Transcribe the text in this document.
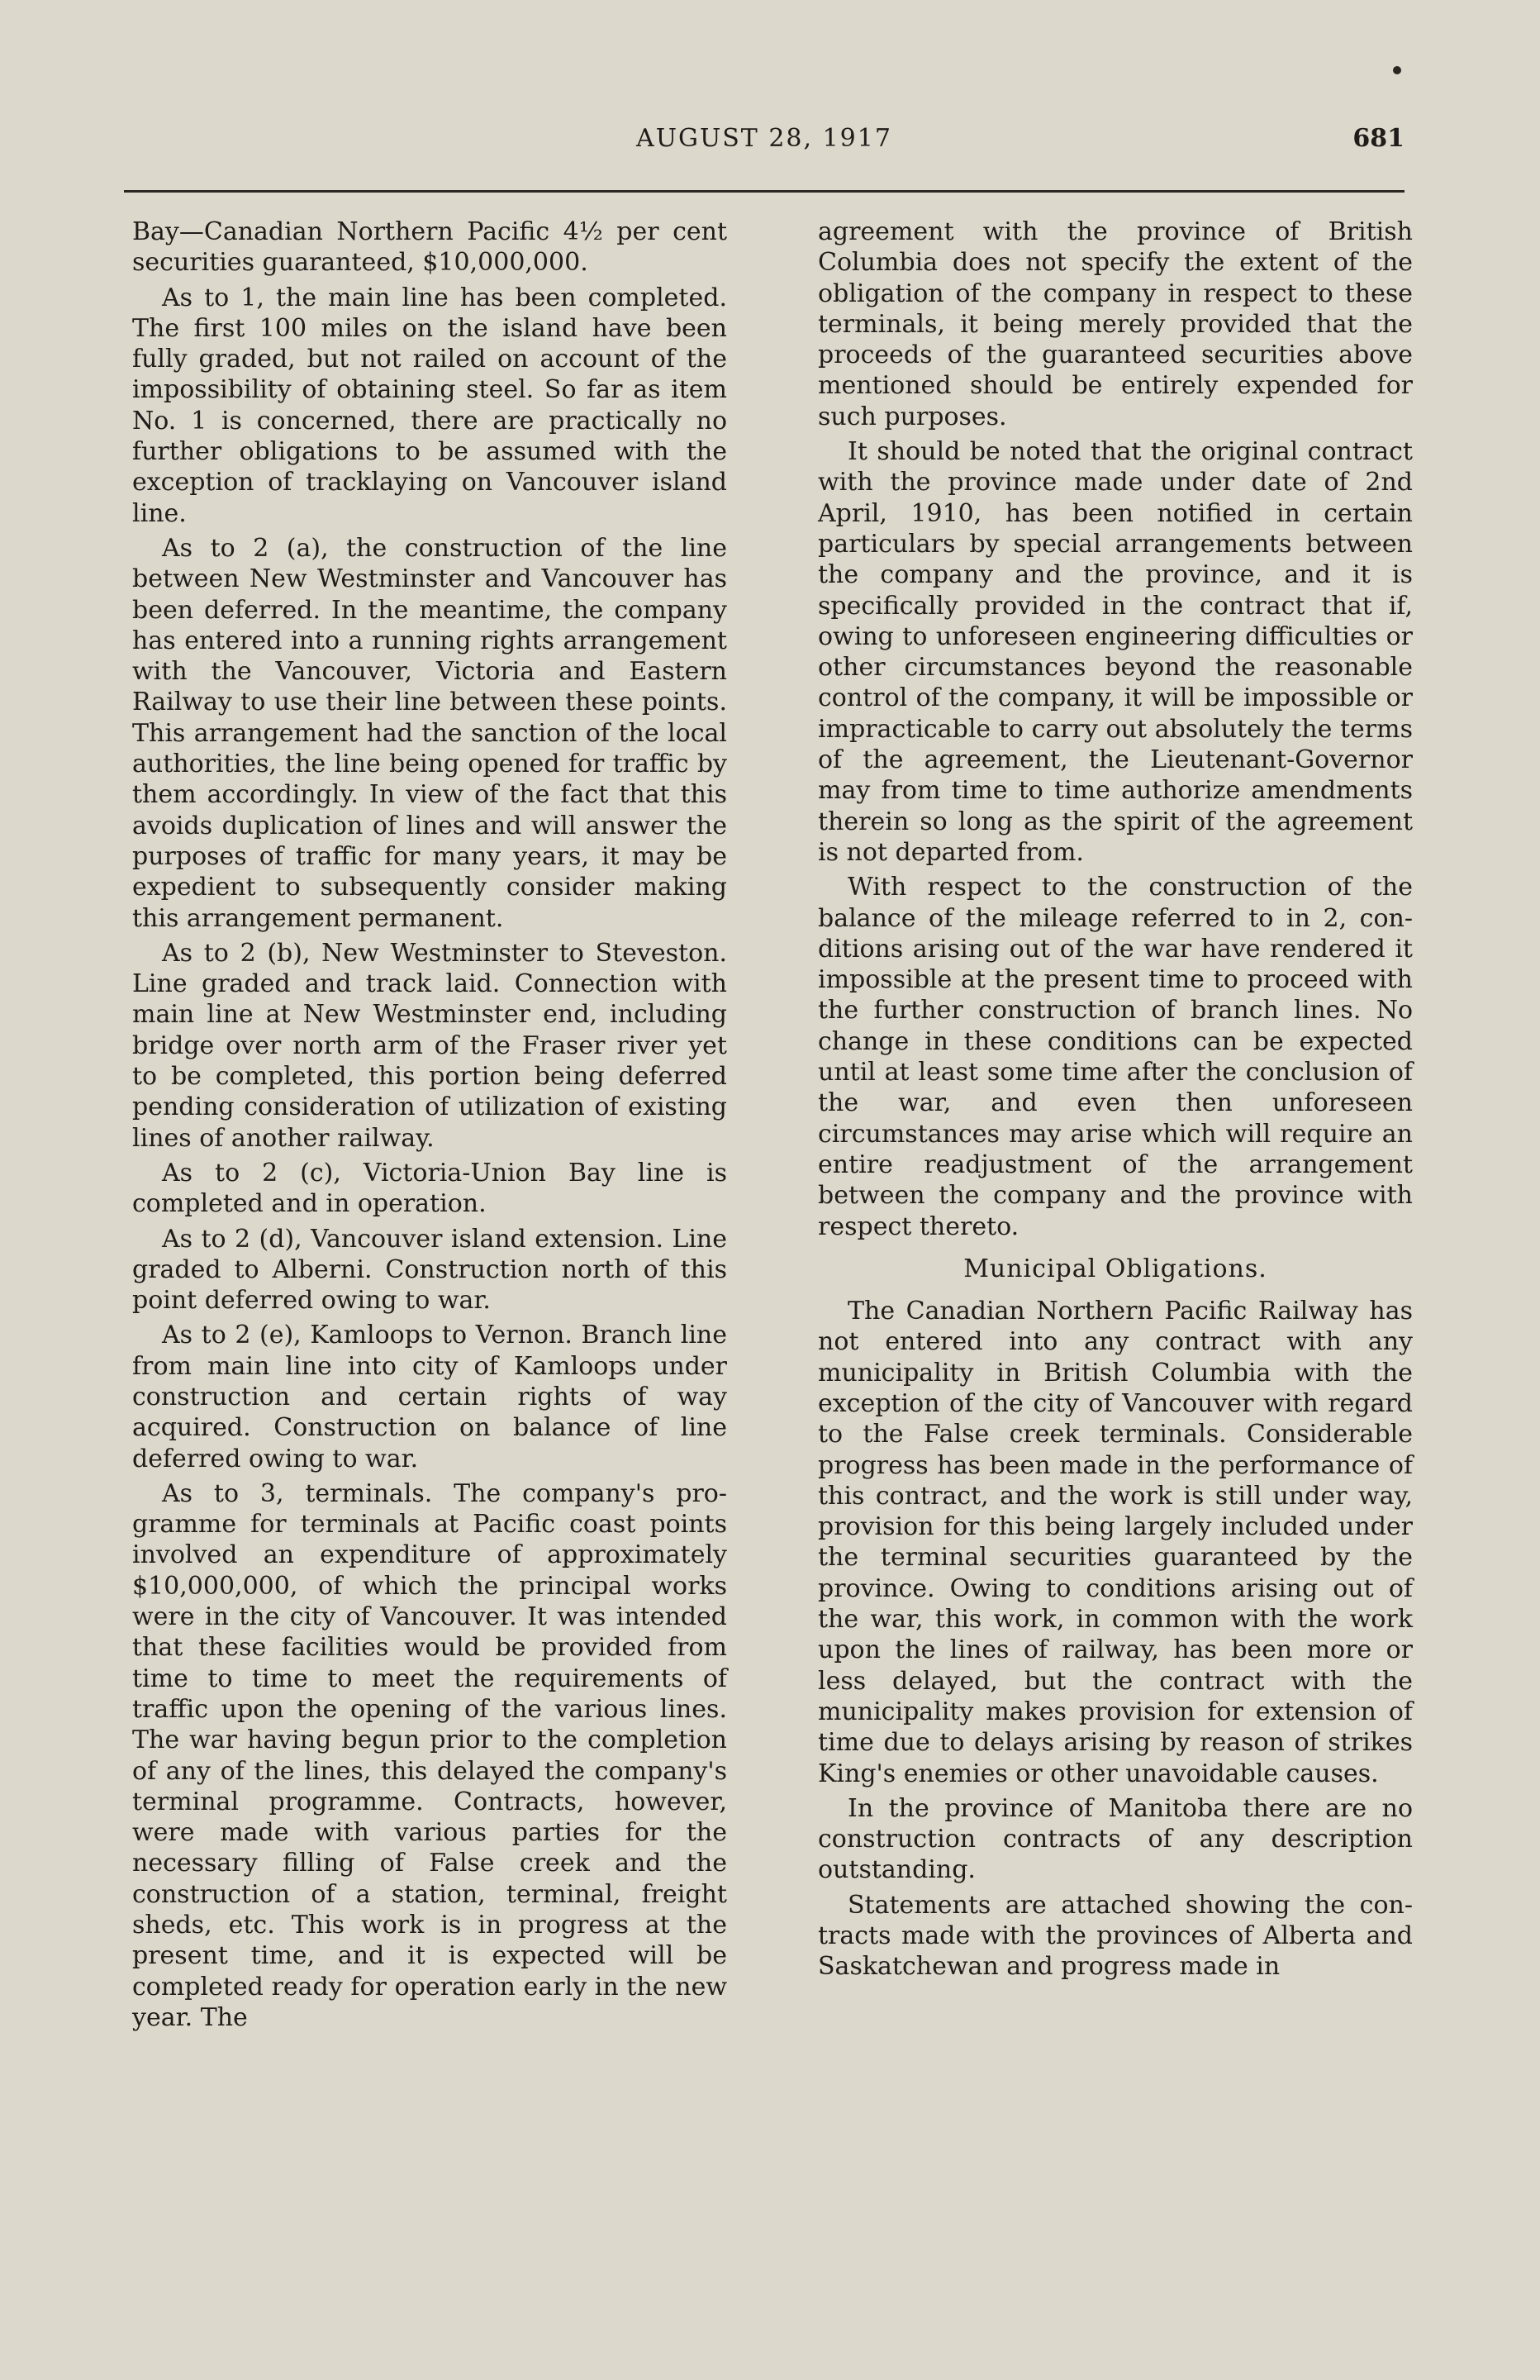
AUGUST 28, 1917	681

Bay—Canadian Northern Pacific 4½ per cent securities guaranteed, $10,000,000.

As to 1, the main line has been completed. The first 100 miles on the island have been fully graded, but not railed on account of the impossibility of obtaining steel. So far as item No. 1 is concerned, there are practically no further obligations to be assumed with the exception of tracklaying on Vancouver island line.

As to 2 (a), the construction of the line between New Westminster and Vancouver has been deferred. In the meantime, the company has entered into a running rights arrangement with the Vancouver, Victoria and Eastern Railway to use their line between these points. This arrangement had the sanction of the local authorities, the line being opened for traffic by them accordingly. In view of the fact that this avoids duplication of lines and will answer the purposes of traffic for many years, it may be expedient to subsequently consider making this arrangement permanent.

As to 2 (b), New Westminster to Steveston. Line graded and track laid. Connection with main line at New Westminster end, including bridge over north arm of the Fraser river yet to be completed, this portion being deferred pending consideration of utilization of existing lines of another railway.

As to 2 (c), Victoria-Union Bay line is completed and in operation.

As to 2 (d), Vancouver island extension. Line graded to Alberni. Construction north of this point deferred owing to war.

As to 2 (e), Kamloops to Vernon. Branch line from main line into city of Kamloops under construction and certain rights of way acquired. Construction on balance of line deferred owing to war.

As to 3, terminals. The company's programme for terminals at Pacific coast points involved an expenditure of approximately $10,000,000, of which the principal works were in the city of Vancouver. It was intended that these facilities would be provided from time to time to meet the requirements of traffic upon the opening of the various lines. The war having begun prior to the completion of any of the lines, this delayed the company's terminal programme. Contracts, however, were made with various parties for the necessary filling of False creek and the construction of a station, terminal, freight sheds, etc. This work is in progress at the present time, and it is expected will be completed ready for operation early in the new year. The

agreement with the province of British Columbia does not specify the extent of the obligation of the company in respect to these terminals, it being merely provided that the proceeds of the guaranteed securities above mentioned should be entirely expended for such purposes.

It should be noted that the original contract with the province made under date of 2nd April, 1910, has been notified in certain particulars by special arrangements between the company and the province, and it is specifically provided in the contract that if, owing to unforeseen engineering difficulties or other circumstances beyond the reasonable control of the company, it will be impossible or impracticable to carry out absolutely the terms of the agreement, the Lieutenant-Governor may from time to time authorize amendments therein so long as the spirit of the agreement is not departed from.

With respect to the construction of the balance of the mileage referred to in 2, conditions arising out of the war have rendered it impossible at the present time to proceed with the further construction of branch lines. No change in these conditions can be expected until at least some time after the conclusion of the war, and even then unforeseen circumstances may arise which will require an entire readjustment of the arrangement between the company and the province with respect thereto.

Municipal Obligations.

The Canadian Northern Pacific Railway has not entered into any contract with any municipality in British Columbia with the exception of the city of Vancouver with regard to the False creek terminals. Considerable progress has been made in the performance of this contract, and the work is still under way, provision for this being largely included under the terminal securities guaranteed by the province. Owing to conditions arising out of the war, this work, in common with the work upon the lines of railway, has been more or less delayed, but the contract with the municipality makes provision for extension of time due to delays arising by reason of strikes King's enemies or other unavoidable causes.

In the province of Manitoba there are no construction contracts of any description outstanding.

Statements are attached showing the contracts made with the provinces of Alberta and Saskatchewan and progress made in
